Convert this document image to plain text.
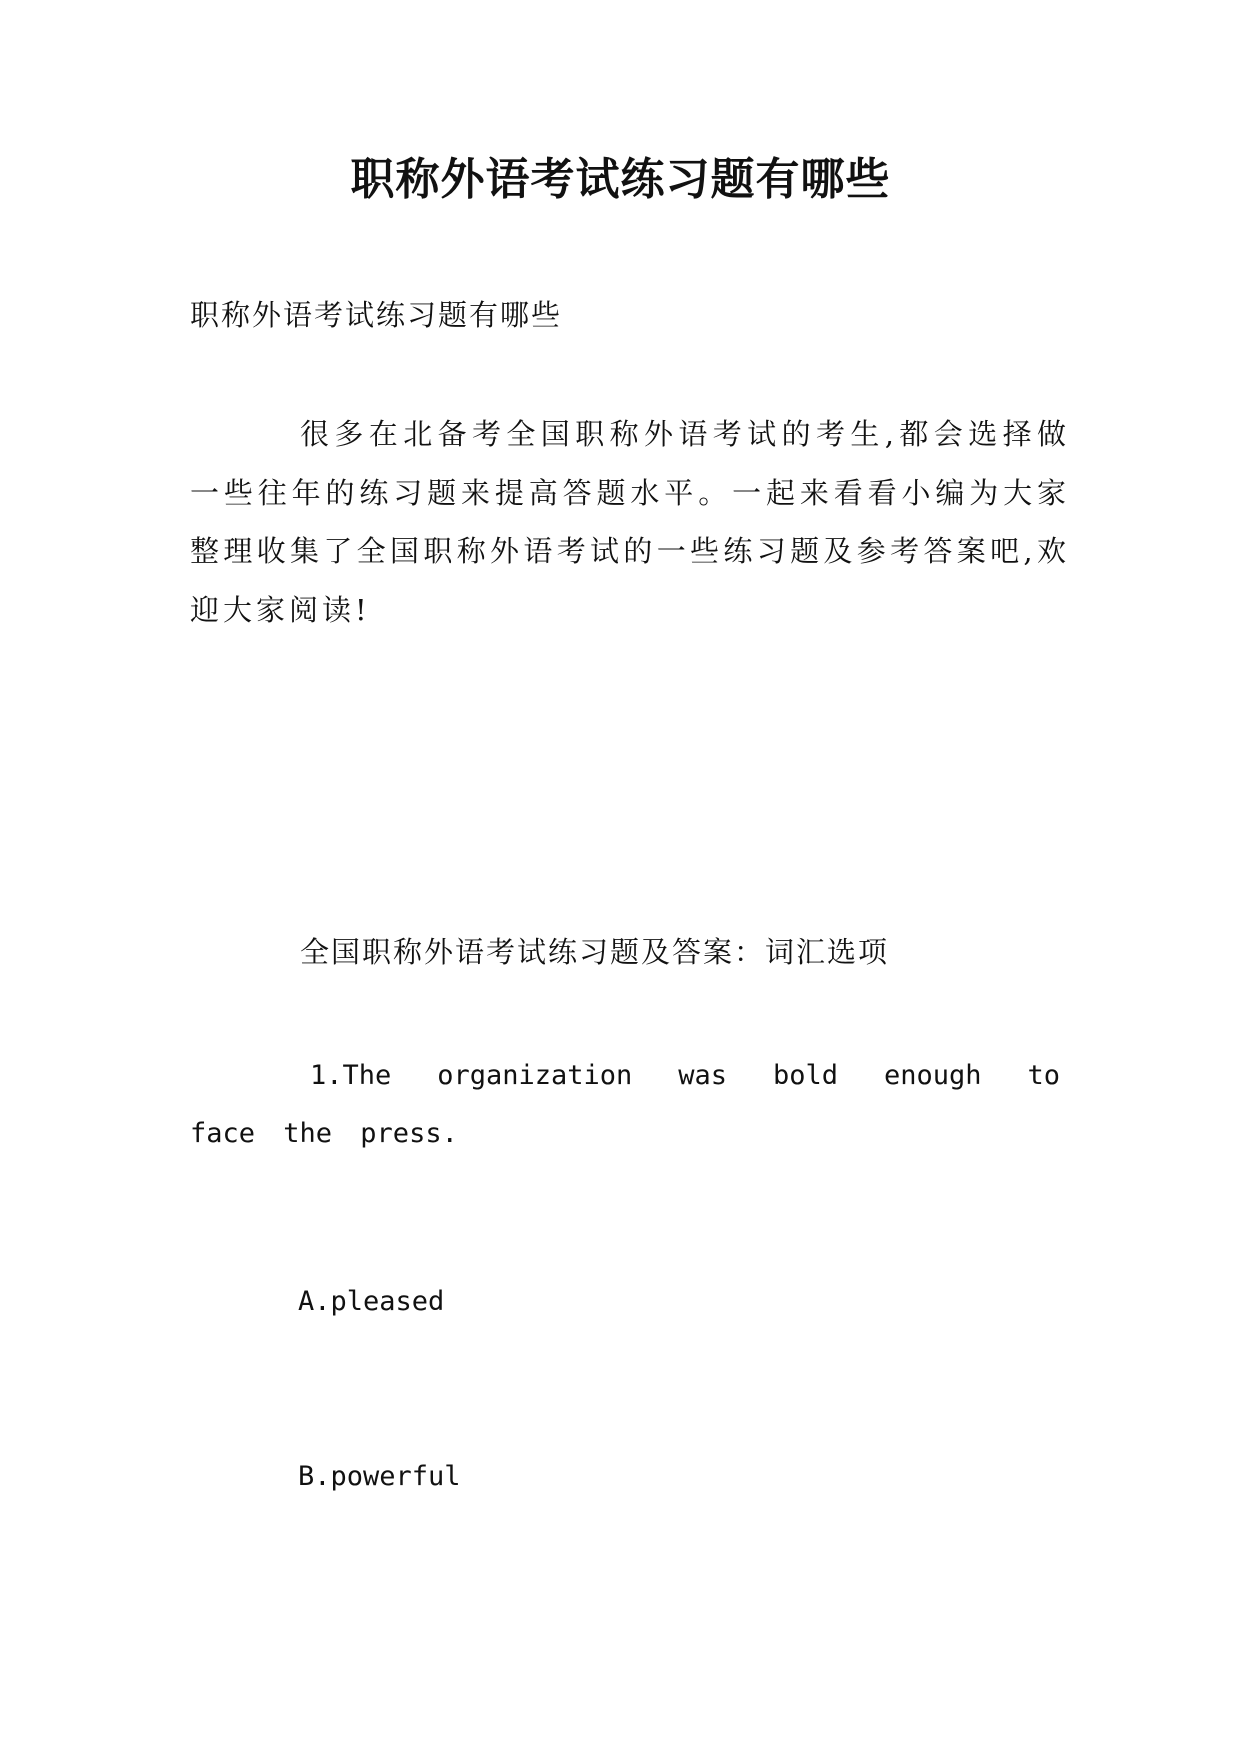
职称外语考试练习题有哪些
职称外语考试练习题有哪些
很多在北备考全国职称外语考试的考生,都会选择做一些往年的练习题来提高答题水平。一起来看看小编为大家整理收集了全国职称外语考试的一些练习题及参考答案吧,欢迎大家阅读!
全国职称外语考试练习题及答案：词汇选项
1.The organization was bold enough to face the press.
A.pleased
B.powerful
